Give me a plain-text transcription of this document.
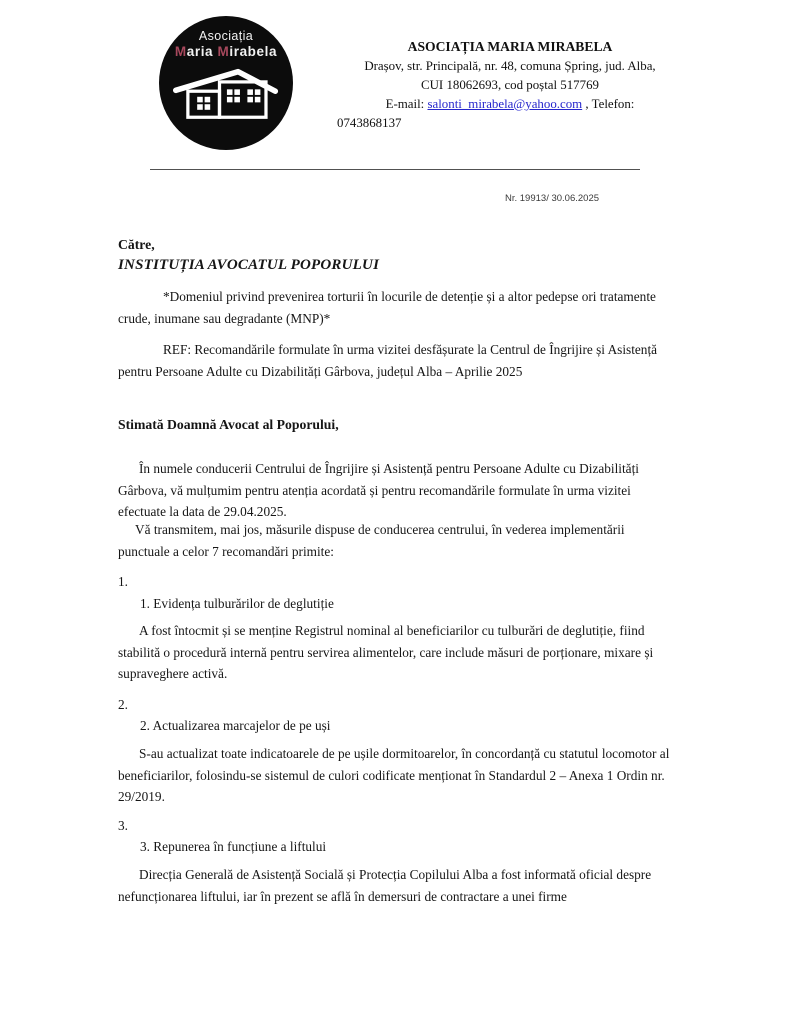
Asociația
Maria Mirabela	ASOCIAȚIA MARIA MIRABELA
Drașov, str. Principală, nr. 48, comuna Șpring, jud. Alba,
CUI 18062693, cod poștal 517769
E-mail: salonti_mirabela@yahoo.com , Telefon:
0743868137
Nr. 19913/ 30.06.2025
Către,
INSTITUȚIA AVOCATUL POPORULUI
*Domeniul privind prevenirea torturii în locurile de detenție și a altor pedepse ori tratamente crude, inumane sau degradante (MNP)*
REF: Recomandările formulate în urma vizitei desfășurate la Centrul de Îngrijire și Asistență pentru Persoane Adulte cu Dizabilități Gârbova, județul Alba – Aprilie 2025
Stimată Doamnă Avocat al Poporului,
În numele conducerii Centrului de Îngrijire și Asistență pentru Persoane Adulte cu Dizabilități Gârbova, vă mulțumim pentru atenția acordată și pentru recomandările formulate în urma vizitei efectuate la data de 29.04.2025.
Vă transmitem, mai jos, măsurile dispuse de conducerea centrului, în vederea implementării punctuale a celor 7 recomandări primite:
1.
1. Evidența tulburărilor de deglutiție
A fost întocmit și se menține Registrul nominal al beneficiarilor cu tulburări de deglutiție, fiind stabilită o procedură internă pentru servirea alimentelor, care include măsuri de porționare, mixare și supraveghere activă.
2.
2. Actualizarea marcajelor de pe uși
S-au actualizat toate indicatoarele de pe ușile dormitoarelor, în concordanță cu statutul locomotor al beneficiarilor, folosindu-se sistemul de culori codificate menționat în Standardul 2 – Anexa 1 Ordin nr. 29/2019.
3.
3. Repunerea în funcțiune a liftului
Direcția Generală de Asistență Socială și Protecția Copilului Alba a fost informată oficial despre nefuncționarea liftului, iar în prezent se află în demersuri de contractare a unei firme
